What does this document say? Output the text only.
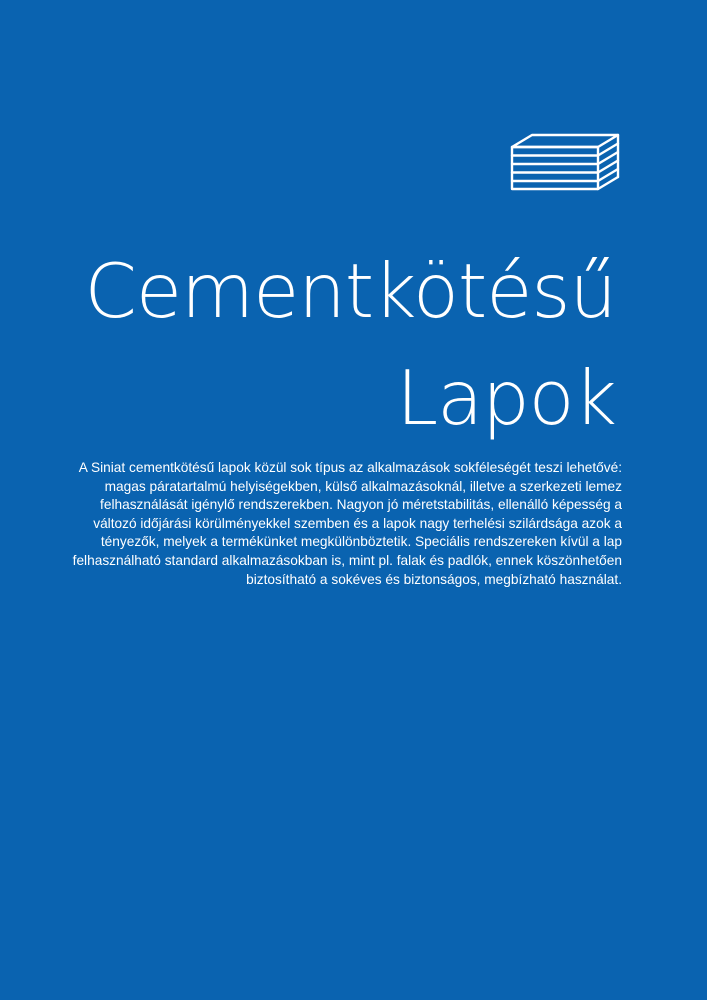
Cementkötésű
Lapok

A Siniat cementkötésű lapok közül sok típus az alkalmazások sokféleségét teszi lehetővé: magas páratartalmú helyiségekben, külső alkalmazásoknál, illetve a szerkezeti lemez felhasználását igénylő rendszerekben. Nagyon jó méretstabilitás, ellenálló képesség a változó időjárási körülményekkel szemben és a lapok nagy terhelési szilárdsága azok a tényezők, melyek a termékünket megkülönböztetik. Speciális rendszereken kívül a lap felhasználható standard alkalmazásokban is, mint pl. falak és padlók, ennek köszönhetően biztosítható a sokéves és biztonságos, megbízható használat.
